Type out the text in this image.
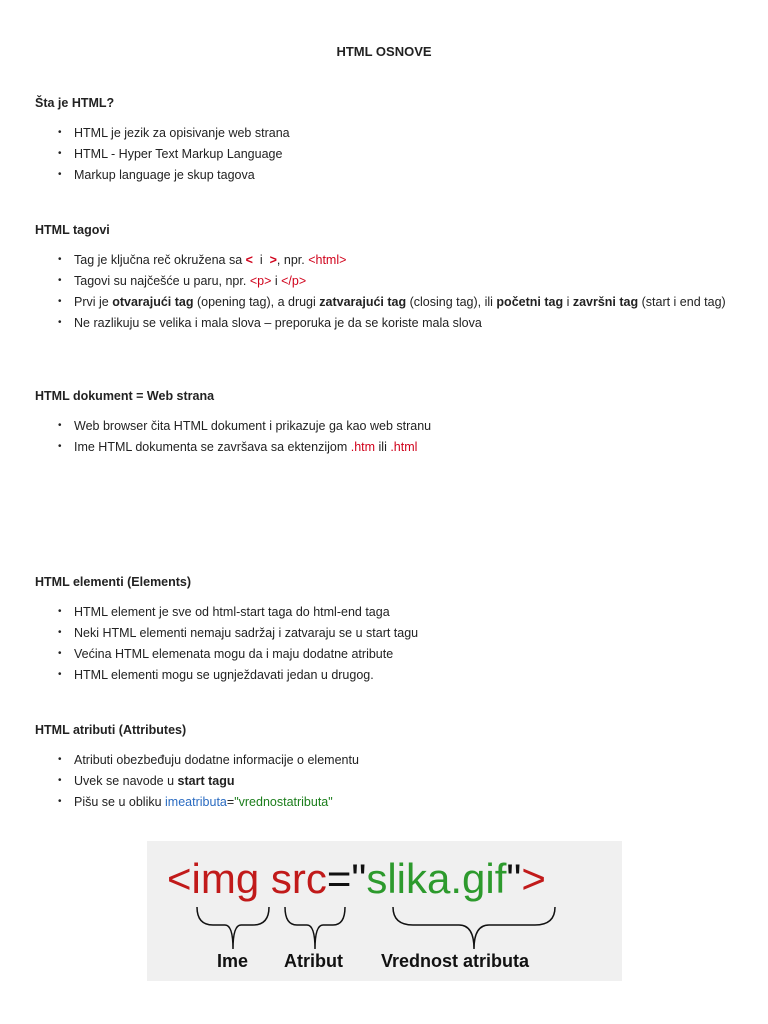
HTML OSNOVE
Šta je HTML?
• HTML je jezik za opisivanje web strana
• HTML - Hyper Text Markup Language
• Markup language je skup tagova
HTML tagovi
• Tag je ključna reč okružena sa <  i  >, npr. <html>
• Tagovi su najčešće u paru, npr. <p> i </p>
• Prvi je otvarajući tag (opening tag), a drugi zatvarajući tag (closing tag), ili početni tag i završni tag (start i end tag)
• Ne razlikuju se velika i mala slova – preporuka je da se koriste mala slova
HTML dokument = Web strana
• Web browser čita HTML dokument i prikazuje ga kao web stranu
• Ime HTML dokumenta se završava sa ektenzijom .htm ili .html
HTML elementi (Elements)
• HTML element je sve od html-start taga do html-end taga
• Neki HTML elementi nemaju sadržaj i zatvaraju se u start tagu
• Većina HTML elemenata mogu da i maju dodatne atribute
• HTML elementi mogu se ugnježdavati jedan u drugog.
HTML atributi (Attributes)
• Atributi obezbeđuju dodatne informacije o elementu
• Uvek se navode u start tagu
• Pišu se u obliku imeatributa="vrednostatributa"
<img src="slika.gif">
Ime Atribut Vrednost atributa
